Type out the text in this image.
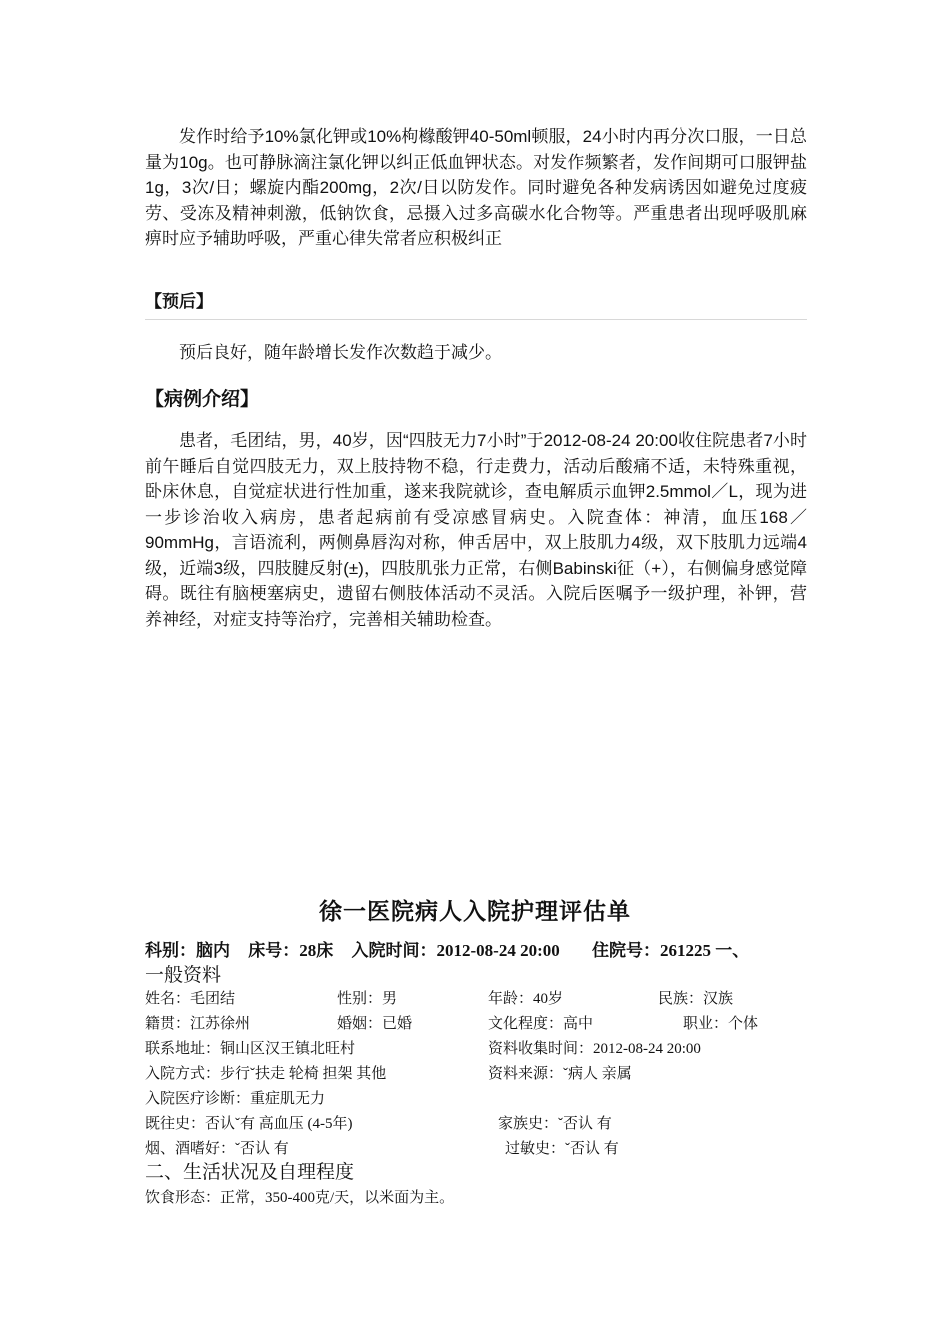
发作时给予10%氯化钾或10%枸橼酸钾40-50ml顿服，24小时内再分次口服，一日总量为10g。也可静脉滴注氯化钾以纠正低血钾状态。对发作频繁者，发作间期可口服钾盐1g，3次/日；螺旋内酯200mg，2次/日以防发作。同时避免各种发病诱因如避免过度疲劳、受冻及精神刺激，低钠饮食，忌摄入过多高碳水化合物等。严重患者出现呼吸肌麻痹时应予辅助呼吸，严重心律失常者应积极纠正

【预后】

预后良好，随年龄增长发作次数趋于减少。

【病例介绍】

患者，毛团结，男，40岁，因“四肢无力7小时”于2012-08-24 20:00收住院患者7小时前午睡后自觉四肢无力，双上肢持物不稳，行走费力，活动后酸痛不适，未特殊重视，卧床休息，自觉症状进行性加重，遂来我院就诊，查电解质示血钾2.5mmol／L，现为进一步诊治收入病房，患者起病前有受凉感冒病史。入院查体：神清，血压168／90mmHg，言语流利，两侧鼻唇沟对称，伸舌居中，双上肢肌力4级，双下肢肌力远端4级，近端3级，四肢腱反射(±)，四肢肌张力正常，右侧Babinski征（+），右侧偏身感觉障碍。既往有脑梗塞病史，遗留右侧肢体活动不灵活。入院后医嘱予一级护理，补钾，营养神经，对症支持等治疗，完善相关辅助检查。

徐一医院病人入院护理评估单
科别：脑内 床号：28床 入院时间：2012-08-24 20:00 住院号：261225 一、
一般资料
姓名：毛团结	性别：男	年龄：40岁	民族：汉族
籍贯：江苏徐州	婚姻：已婚	文化程度：高中	职业：个体
联系地址：铜山区汉王镇北旺村	资料收集时间：2012-08-24 20:00
入院方式：步行ˇ扶走 轮椅 担架 其他	资料来源：ˇ病人 亲属
入院医疗诊断：重症肌无力
既往史：否认ˇ有 高血压 (4-5年)	家族史：ˇ否认 有
烟、酒嗜好：ˇ否认 有	过敏史：ˇ否认 有
二、生活状况及自理程度
饮食形态：正常，350-400克/天，以米面为主。
